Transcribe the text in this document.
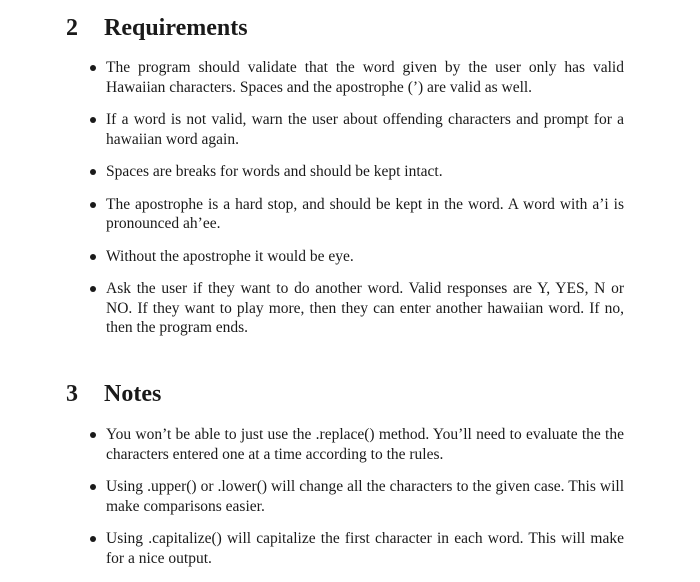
2 Requirements
The program should validate that the word given by the user only has valid Hawaiian characters. Spaces and the apostrophe (’) are valid as well.
If a word is not valid, warn the user about offending characters and prompt for a hawaiian word again.
Spaces are breaks for words and should be kept intact.
The apostrophe is a hard stop, and should be kept in the word. A word with a’i is pronounced ah’ee.
Without the apostrophe it would be eye.
Ask the user if they want to do another word. Valid responses are Y, YES, N or NO. If they want to play more, then they can enter another hawaiian word. If no, then the program ends.
3 Notes
You won’t be able to just use the .replace() method. You’ll need to evaluate the the characters entered one at a time according to the rules.
Using .upper() or .lower() will change all the characters to the given case. This will make comparisons easier.
Using .capitalize() will capitalize the first character in each word. This will make for a nice output.
